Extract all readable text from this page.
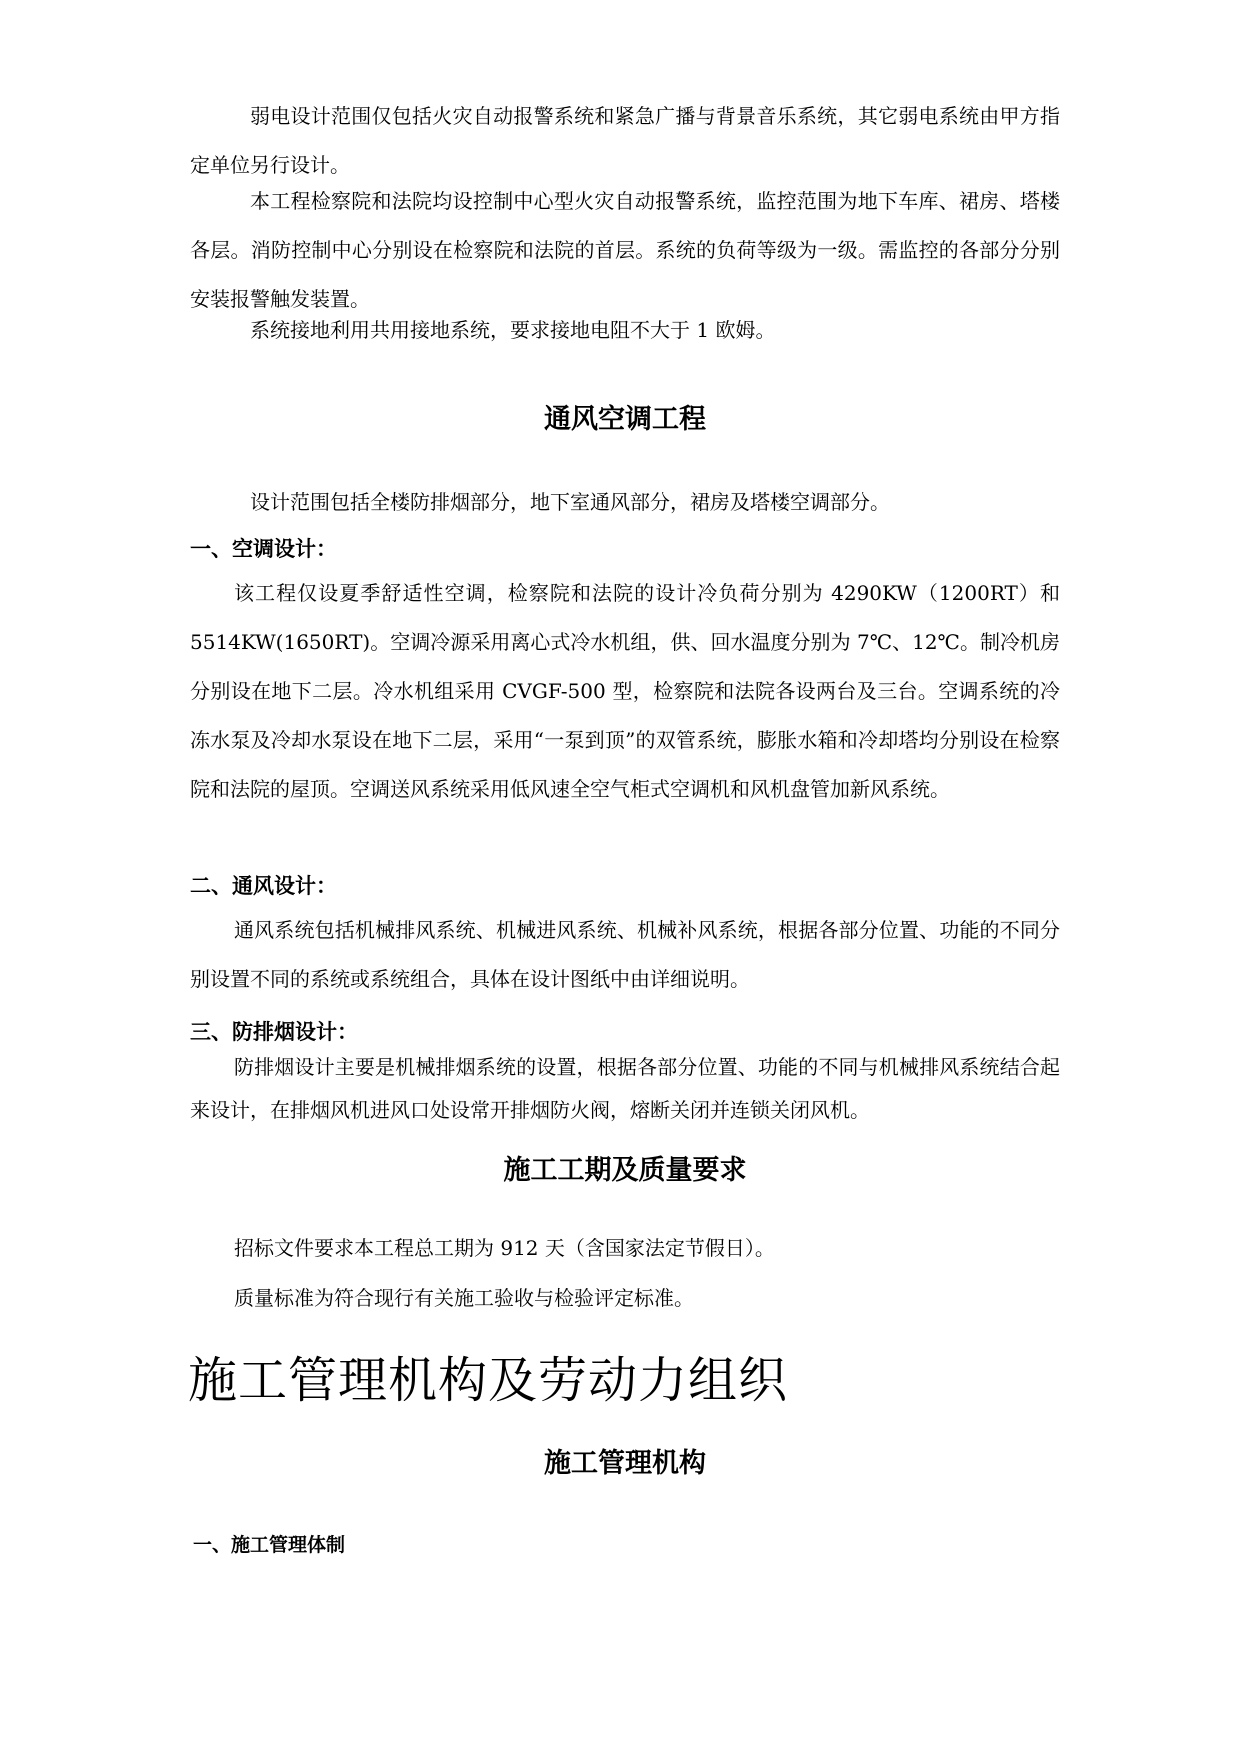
弱电设计范围仅包括火灾自动报警系统和紧急广播与背景音乐系统，其它弱电系统由甲方指定单位另行设计。

本工程检察院和法院均设控制中心型火灾自动报警系统，监控范围为地下车库、裙房、塔楼各层。消防控制中心分别设在检察院和法院的首层。系统的负荷等级为一级。需监控的各部分分别安装报警触发装置。

系统接地利用共用接地系统，要求接地电阻不大于 1 欧姆。

通风空调工程

设计范围包括全楼防排烟部分，地下室通风部分，裙房及塔楼空调部分。

一、空调设计：

该工程仅设夏季舒适性空调，检察院和法院的设计冷负荷分别为 4290KW（1200RT）和 5514KW(1650RT)。空调冷源采用离心式冷水机组，供、回水温度分别为 7℃、12℃。制冷机房分别设在地下二层。冷水机组采用 CVGF-500 型，检察院和法院各设两台及三台。空调系统的冷冻水泵及冷却水泵设在地下二层，采用“一泵到顶”的双管系统，膨胀水箱和冷却塔均分别设在检察院和法院的屋顶。空调送风系统采用低风速全空气柜式空调机和风机盘管加新风系统。

二、通风设计：

通风系统包括机械排风系统、机械进风系统、机械补风系统，根据各部分位置、功能的不同分别设置不同的系统或系统组合，具体在设计图纸中由详细说明。

三、防排烟设计：

防排烟设计主要是机械排烟系统的设置，根据各部分位置、功能的不同与机械排风系统结合起来设计，在排烟风机进风口处设常开排烟防火阀，熔断关闭并连锁关闭风机。

施工工期及质量要求

招标文件要求本工程总工期为 912 天（含国家法定节假日）。

质量标准为符合现行有关施工验收与检验评定标准。

施工管理机构及劳动力组织
施工管理机构
一、施工管理体制
